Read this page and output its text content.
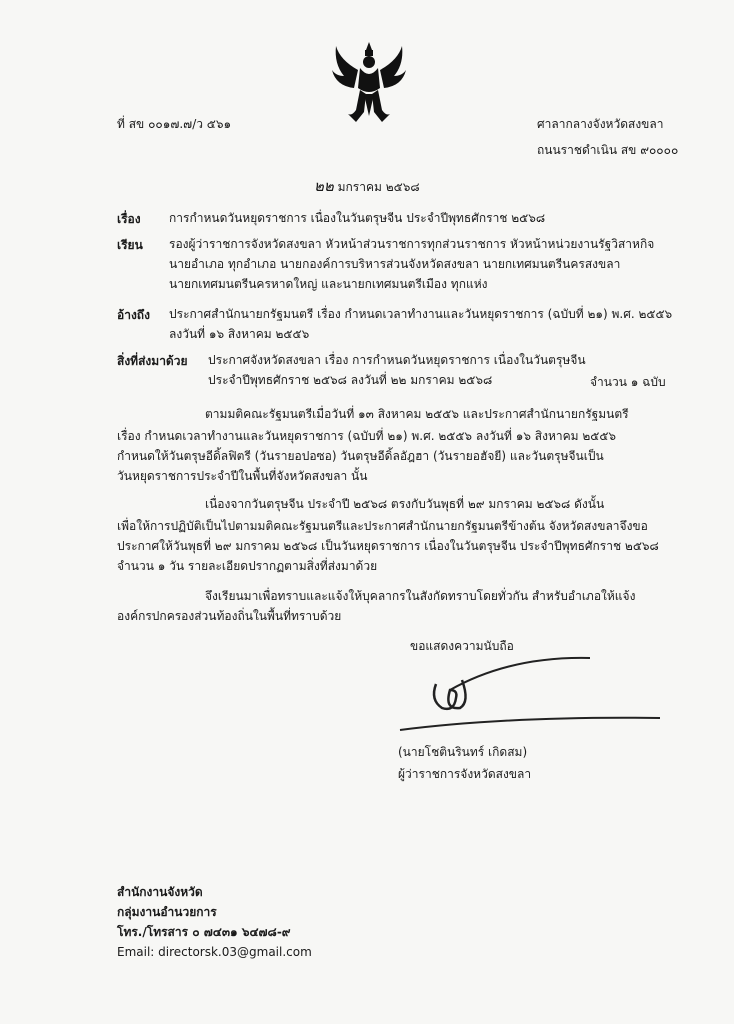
ที่ สข ๐๐๑๗.๗/ว ๕๖๑	ศาลากลางจังหวัดสงขลา
ถนนราชดำเนิน สข ๙๐๐๐๐
๒๒ มกราคม ๒๕๖๘
เรื่อง การกำหนดวันหยุดราชการ เนื่องในวันตรุษจีน ประจำปีพุทธศักราช ๒๕๖๘
เรียน รองผู้ว่าราชการจังหวัดสงขลา หัวหน้าส่วนราชการทุกส่วนราชการ หัวหน้าหน่วยงานรัฐวิสาหกิจ
นายอำเภอ ทุกอำเภอ นายกองค์การบริหารส่วนจังหวัดสงขลา นายกเทศมนตรีนครสงขลา
นายกเทศมนตรีนครหาดใหญ่ และนายกเทศมนตรีเมือง ทุกแห่ง
อ้างถึง ประกาศสำนักนายกรัฐมนตรี เรื่อง กำหนดเวลาทำงานและวันหยุดราชการ (ฉบับที่ ๒๑) พ.ศ. ๒๕๕๖
ลงวันที่ ๑๖ สิงหาคม ๒๕๕๖
สิ่งที่ส่งมาด้วย ประกาศจังหวัดสงขลา เรื่อง การกำหนดวันหยุดราชการ เนื่องในวันตรุษจีน
ประจำปีพุทธศักราช ๒๕๖๘ ลงวันที่ ๒๒ มกราคม ๒๕๖๘	จำนวน ๑ ฉบับ
ตามมติคณะรัฐมนตรีเมื่อวันที่ ๑๓ สิงหาคม ๒๕๕๖ และประกาศสำนักนายกรัฐมนตรี
เรื่อง กำหนดเวลาทำงานและวันหยุดราชการ (ฉบับที่ ๒๑) พ.ศ. ๒๕๕๖ ลงวันที่ ๑๖ สิงหาคม ๒๕๕๖
กำหนดให้วันตรุษอีดิ้ลฟิตรี (วันรายอปอซอ) วันตรุษอีดิ้ลอัฎฮา (วันรายอฮัจยี) และวันตรุษจีนเป็น
วันหยุดราชการประจำปีในพื้นที่จังหวัดสงขลา นั้น
เนื่องจากวันตรุษจีน ประจำปี ๒๕๖๘ ตรงกับวันพุธที่ ๒๙ มกราคม ๒๕๖๘ ดังนั้น
เพื่อให้การปฏิบัติเป็นไปตามมติคณะรัฐมนตรีและประกาศสำนักนายกรัฐมนตรีข้างต้น จังหวัดสงขลาจึงขอ
ประกาศให้วันพุธที่ ๒๙ มกราคม ๒๕๖๘ เป็นวันหยุดราชการ เนื่องในวันตรุษจีน ประจำปีพุทธศักราช ๒๕๖๘
จำนวน ๑ วัน รายละเอียดปรากฏตามสิ่งที่ส่งมาด้วย
จึงเรียนมาเพื่อทราบและแจ้งให้บุคลากรในสังกัดทราบโดยทั่วกัน สำหรับอำเภอให้แจ้ง
องค์กรปกครองส่วนท้องถิ่นในพื้นที่ทราบด้วย
ขอแสดงความนับถือ
(นายโชตินรินทร์ เกิดสม)
ผู้ว่าราชการจังหวัดสงขลา
สำนักงานจังหวัด
กลุ่มงานอำนวยการ
โทร./โทรสาร ๐ ๗๔๓๑ ๖๔๗๘-๙
Email: directorsk.03@gmail.com
